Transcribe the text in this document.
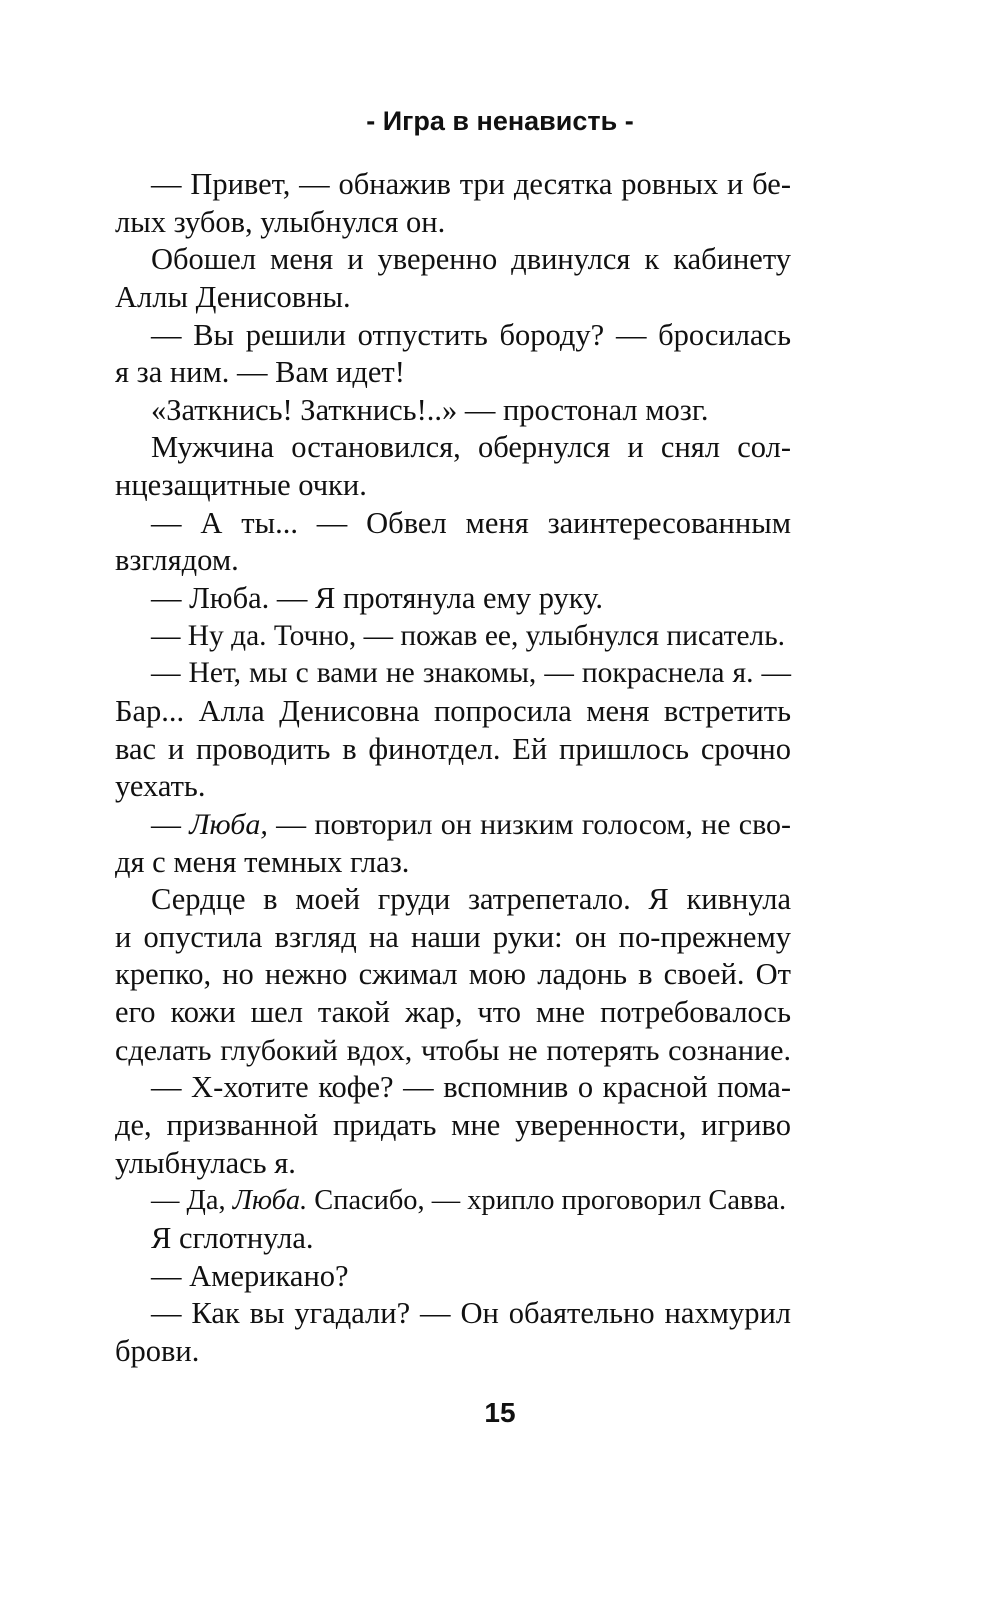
- Игра в ненависть -
— Привет, — обнажив три десятка ровных и бе-
лых зубов, улыбнулся он.
Обошел меня и уверенно двинулся к кабинету
Аллы Денисовны.
— Вы решили отпустить бороду? — бросилась
я за ним. — Вам идет!
«Заткнись! Заткнись!..» — простонал мозг.
Мужчина остановился, обернулся и снял сол-
нцезащитные очки.
— А ты... — Обвел меня заинтересованным
взглядом.
— Люба. — Я протянула ему руку.
— Ну да. Точно, — пожав ее, улыбнулся писатель.
— Нет, мы с вами не знакомы, — покраснела я. —
Бар... Алла Денисовна попросила меня встретить
вас и проводить в финотдел. Ей пришлось срочно
уехать.
— Люба, — повторил он низким голосом, не сво-
дя с меня темных глаз.
Сердце в моей груди затрепетало. Я кивнула
и опустила взгляд на наши руки: он по-прежнему
крепко, но нежно сжимал мою ладонь в своей. От
его кожи шел такой жар, что мне потребовалось
сделать глубокий вдох, чтобы не потерять сознание.
— Х-хотите кофе? — вспомнив о красной пома-
де, призванной придать мне уверенности, игриво
улыбнулась я.
— Да, Люба. Спасибо, — хрипло проговорил Савва.
Я сглотнула.
— Американо?
— Как вы угадали? — Он обаятельно нахмурил
брови.
15
